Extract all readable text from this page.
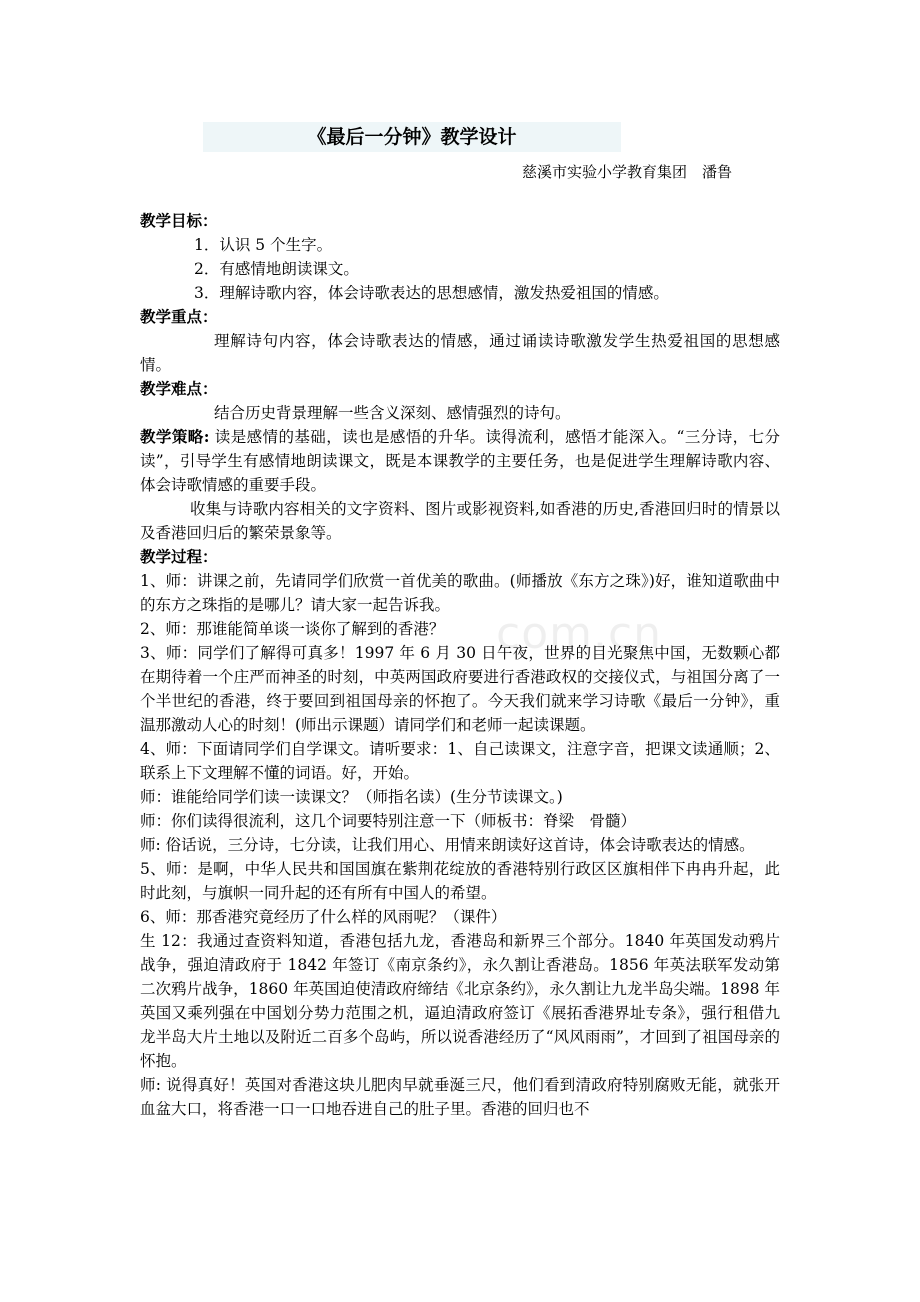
《最后一分钟》教学设计
慈溪市实验小学教育集团　潘鲁

教学目标：

1．认识 5 个生字。

2．有感情地朗读课文。

3．理解诗歌内容，体会诗歌表达的思想感情，激发热爱祖国的情感。

教学重点：

理解诗句内容，体会诗歌表达的情感，通过诵读诗歌激发学生热爱祖国的思想感情。

教学难点：

结合历史背景理解一些含义深刻、感情强烈的诗句。

教学策略: 读是感情的基础，读也是感悟的升华。读得流利，感悟才能深入。“三分诗，七分读”，引导学生有感情地朗读课文，既是本课教学的主要任务，也是促进学生理解诗歌内容、体会诗歌情感的重要手段。

收集与诗歌内容相关的文字资料、图片或影视资料,如香港的历史,香港回归时的情景以及香港回归后的繁荣景象等。

教学过程：

1、师：讲课之前，先请同学们欣赏一首优美的歌曲。(师播放《东方之珠》)好，谁知道歌曲中的东方之珠指的是哪儿？请大家一起告诉我。

2、师：那谁能简单谈一谈你了解到的香港？

3、师：同学们了解得可真多！1997 年 6 月 30 日午夜，世界的目光聚焦中国，无数颗心都在期待着一个庄严而神圣的时刻，中英两国政府要进行香港政权的交接仪式，与祖国分离了一个半世纪的香港，终于要回到祖国母亲的怀抱了。今天我们就来学习诗歌《最后一分钟》，重温那激动人心的时刻！(师出示课题）请同学们和老师一起读课题。

4、师：下面请同学们自学课文。请听要求：1、自己读课文，注意字音，把课文读通顺；2、联系上下文理解不懂的词语。好，开始。

师：谁能给同学们读一读课文？（师指名读）(生分节读课文。)

师：你们读得很流利，这几个词要特别注意一下（师板书：脊梁　骨髓）

师: 俗话说，三分诗，七分读，让我们用心、用情来朗读好这首诗，体会诗歌表达的情感。

5、师：是啊，中华人民共和国国旗在紫荆花绽放的香港特别行政区区旗相伴下冉冉升起，此时此刻，与旗帜一同升起的还有所有中国人的希望。

6、师：那香港究竟经历了什么样的风雨呢？（课件）

生 12：我通过查资料知道，香港包括九龙，香港岛和新界三个部分。1840 年英国发动鸦片战争，强迫清政府于 1842 年签订《南京条约》，永久割让香港岛。1856 年英法联军发动第二次鸦片战争，1860 年英国迫使清政府缔结《北京条约》，永久割让九龙半岛尖端。1898 年英国又乘列强在中国划分势力范围之机，逼迫清政府签订《展拓香港界址专条》，强行租借九龙半岛大片土地以及附近二百多个岛屿，所以说香港经历了“风风雨雨”，才回到了祖国母亲的怀抱。

师: 说得真好！英国对香港这块儿肥肉早就垂涎三尺，他们看到清政府特别腐败无能，就张开血盆大口，将香港一口一口地吞进自己的肚子里。香港的回归也不

com.cn
